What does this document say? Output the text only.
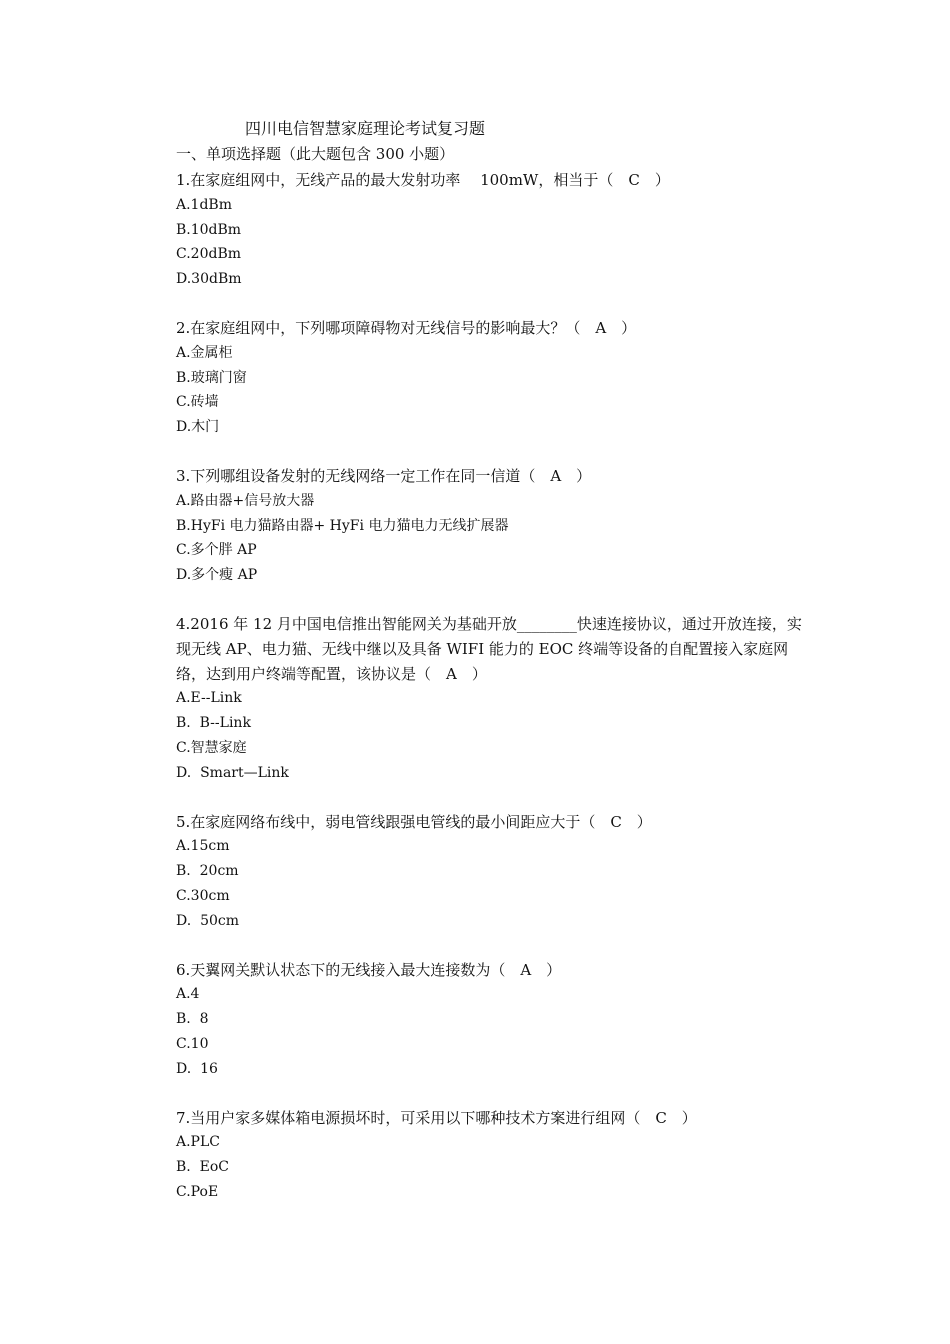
四川电信智慧家庭理论考试复习题
一、单项选择题（此大题包含 300 小题）

1.在家庭组网中，无线产品的最大发射功率　 100mW，相当于（　C　）

A.1dBm

B.10dBm

C.20dBm

D.30dBm

2.在家庭组网中，下列哪项障碍物对无线信号的影响最大？（　A　）

A.金属柜

B.玻璃门窗

C.砖墙

D.木门

3.下列哪组设备发射的无线网络一定工作在同一信道（　A　）

A.路由器+信号放大器

B.HyFi 电力猫路由器+ HyFi 电力猫电力无线扩展器

C.多个胖 AP

D.多个瘦 AP

4.2016 年 12 月中国电信推出智能网关为基础开放________快速连接协议，通过开放连接，实现无线 AP、电力猫、无线中继以及具备 WIFI 能力的 EOC 终端等设备的自配置接入家庭网络，达到用户终端等配置，该协议是（　A　）

A.E--Link

B.  B--Link

C.智慧家庭

D.  Smart—Link

5.在家庭网络布线中，弱电管线跟强电管线的最小间距应大于（　C　）

A.15cm

B.  20cm

C.30cm

D.  50cm

6.天翼网关默认状态下的无线接入最大连接数为（　A　）

A.4

B.  8

C.10

D.  16

7.当用户家多媒体箱电源损坏时，可采用以下哪种技术方案进行组网（　C　）

A.PLC

B.  EoC

C.PoE
